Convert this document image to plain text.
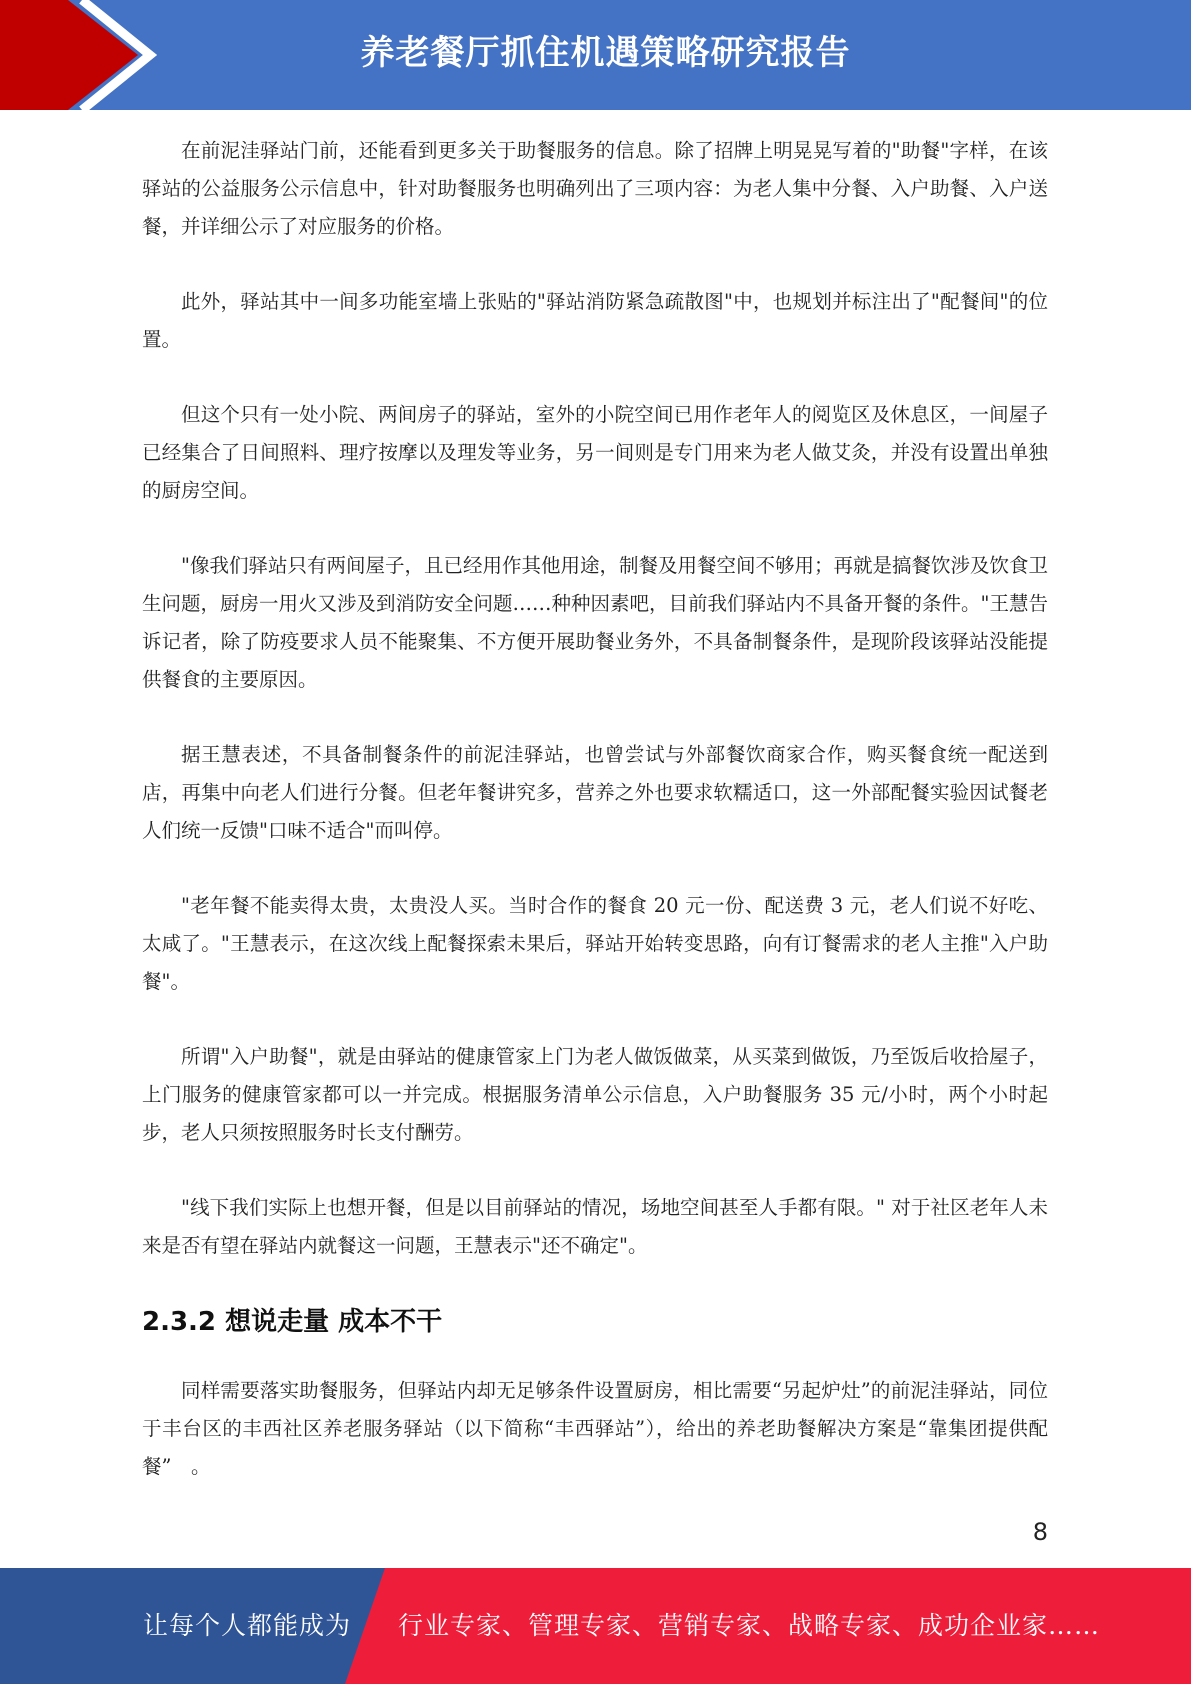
养老餐厅抓住机遇策略研究报告

在前泥洼驿站门前，还能看到更多关于助餐服务的信息。除了招牌上明晃晃写着的"助餐"字样，在该驿站的公益服务公示信息中，针对助餐服务也明确列出了三项内容：为老人集中分餐、入户助餐、入户送餐，并详细公示了对应服务的价格。

此外，驿站其中一间多功能室墙上张贴的"驿站消防紧急疏散图"中，也规划并标注出了"配餐间"的位置。

但这个只有一处小院、两间房子的驿站，室外的小院空间已用作老年人的阅览区及休息区，一间屋子已经集合了日间照料、理疗按摩以及理发等业务，另一间则是专门用来为老人做艾灸，并没有设置出单独的厨房空间。

"像我们驿站只有两间屋子，且已经用作其他用途，制餐及用餐空间不够用；再就是搞餐饮涉及饮食卫生问题，厨房一用火又涉及到消防安全问题……种种因素吧，目前我们驿站内不具备开餐的条件。"王慧告诉记者，除了防疫要求人员不能聚集、不方便开展助餐业务外，不具备制餐条件，是现阶段该驿站没能提供餐食的主要原因。

据王慧表述，不具备制餐条件的前泥洼驿站，也曾尝试与外部餐饮商家合作，购买餐食统一配送到店，再集中向老人们进行分餐。但老年餐讲究多，营养之外也要求软糯适口，这一外部配餐实验因试餐老人们统一反馈"口味不适合"而叫停。

"老年餐不能卖得太贵，太贵没人买。当时合作的餐食 20 元一份、配送费 3 元，老人们说不好吃、太咸了。"王慧表示，在这次线上配餐探索未果后，驿站开始转变思路，向有订餐需求的老人主推"入户助餐"。

所谓"入户助餐"，就是由驿站的健康管家上门为老人做饭做菜，从买菜到做饭，乃至饭后收拾屋子，上门服务的健康管家都可以一并完成。根据服务清单公示信息，入户助餐服务 35 元/小时，两个小时起步，老人只须按照服务时长支付酬劳。

"线下我们实际上也想开餐，但是以目前驿站的情况，场地空间甚至人手都有限。" 对于社区老年人未来是否有望在驿站内就餐这一问题，王慧表示"还不确定"。

2.3.2 想说走量 成本不干

同样需要落实助餐服务，但驿站内却无足够条件设置厨房，相比需要“另起炉灶”的前泥洼驿站，同位于丰台区的丰西社区养老服务驿站（以下简称“丰西驿站”），给出的养老助餐解决方案是“靠集团提供配餐”　。

8
让每个人都能成为 行业专家、管理专家、营销专家、战略专家、成功企业家……
